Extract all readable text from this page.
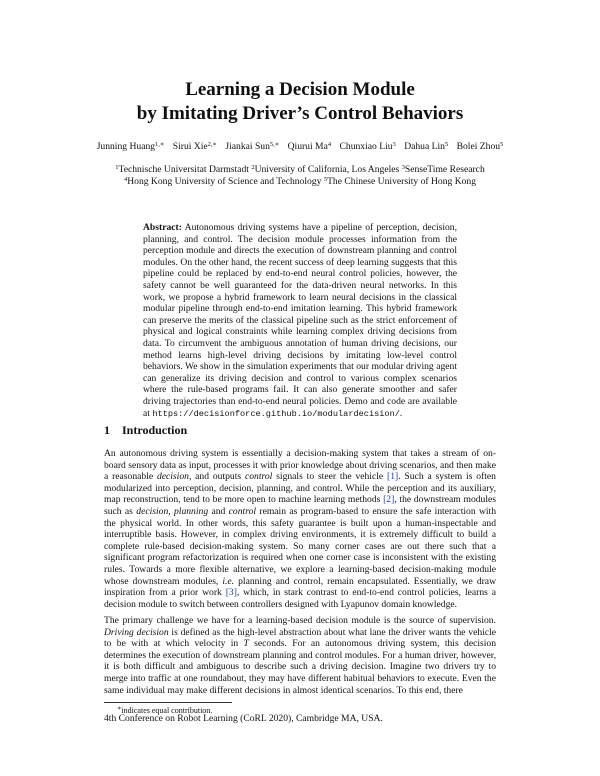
Learning a Decision Module
by Imitating Driver’s Control Behaviors
Junning Huang$^{1,∗}$ Sirui Xie$^{2,∗}$ Jiankai Sun$^{5,∗}$ Qiurui Ma$^4$ Chunxiao Liu$^3$ Dahua Lin$^5$ Bolei Zhou$^5$
$^1$Technische Universitat Darmstadt $^2$University of California, Los Angeles $^3$SenseTime Research
$^4$Hong Kong University of Science and Technology $^5$The Chinese University of Hong Kong
Abstract: Autonomous driving systems have a pipeline of perception, decision, planning, and control. The decision module processes information from the perception module and directs the execution of downstream planning and control modules. On the other hand, the recent success of deep learning suggests that this pipeline could be replaced by end-to-end neural control policies, however, the safety cannot be well guaranteed for the data-driven neural networks. In this work, we propose a hybrid framework to learn neural decisions in the classical modular pipeline through end-to-end imitation learning. This hybrid framework can preserve the merits of the classical pipeline such as the strict enforcement of physical and logical constraints while learning complex driving decisions from data. To circumvent the ambiguous annotation of human driving decisions, our method learns high-level driving decisions by imitating low-level control behaviors. We show in the simulation experiments that our modular driving agent can generalize its driving decision and control to various complex scenarios where the rule-based programs fail. It can also generate smoother and safer driving trajectories than end-to-end neural policies. Demo and code are available at https://decisionforce.github.io/modulardecision/.
1 Introduction
An autonomous driving system is essentially a decision-making system that takes a stream of on-board sensory data as input, processes it with prior knowledge about driving scenarios, and then make a reasonable decision, and outputs control signals to steer the vehicle [1]. Such a system is often modularized into perception, decision, planning, and control. While the perception and its auxiliary, map reconstruction, tend to be more open to machine learning methods [2], the downstream modules such as decision, planning and control remain as program-based to ensure the safe interaction with the physical world. In other words, this safety guarantee is built upon a human-inspectable and interruptible basis. However, in complex driving environments, it is extremely difficult to build a complete rule-based decision-making system. So many corner cases are out there such that a significant program refactorization is required when one corner case is inconsistent with the existing rules. Towards a more flexible alternative, we explore a learning-based decision-making module whose downstream modules, i.e. planning and control, remain encapsulated. Essentially, we draw inspiration from a prior work [3], which, in stark contrast to end-to-end control policies, learns a decision module to switch between controllers designed with Lyapunov domain knowledge.
The primary challenge we have for a learning-based decision module is the source of supervision. Driving decision is defined as the high-level abstraction about what lane the driver wants the vehicle to be with at which velocity in T seconds. For an autonomous driving system, this decision determines the execution of downstream planning and control modules. For a human driver, however, it is both difficult and ambiguous to describe such a driving decision. Imagine two drivers try to merge into traffic at one roundabout, they may have different habitual behaviors to execute. Even the same individual may make different decisions in almost identical scenarios. To this end, there
∗indicates equal contribution.
4th Conference on Robot Learning (CoRL 2020), Cambridge MA, USA.
